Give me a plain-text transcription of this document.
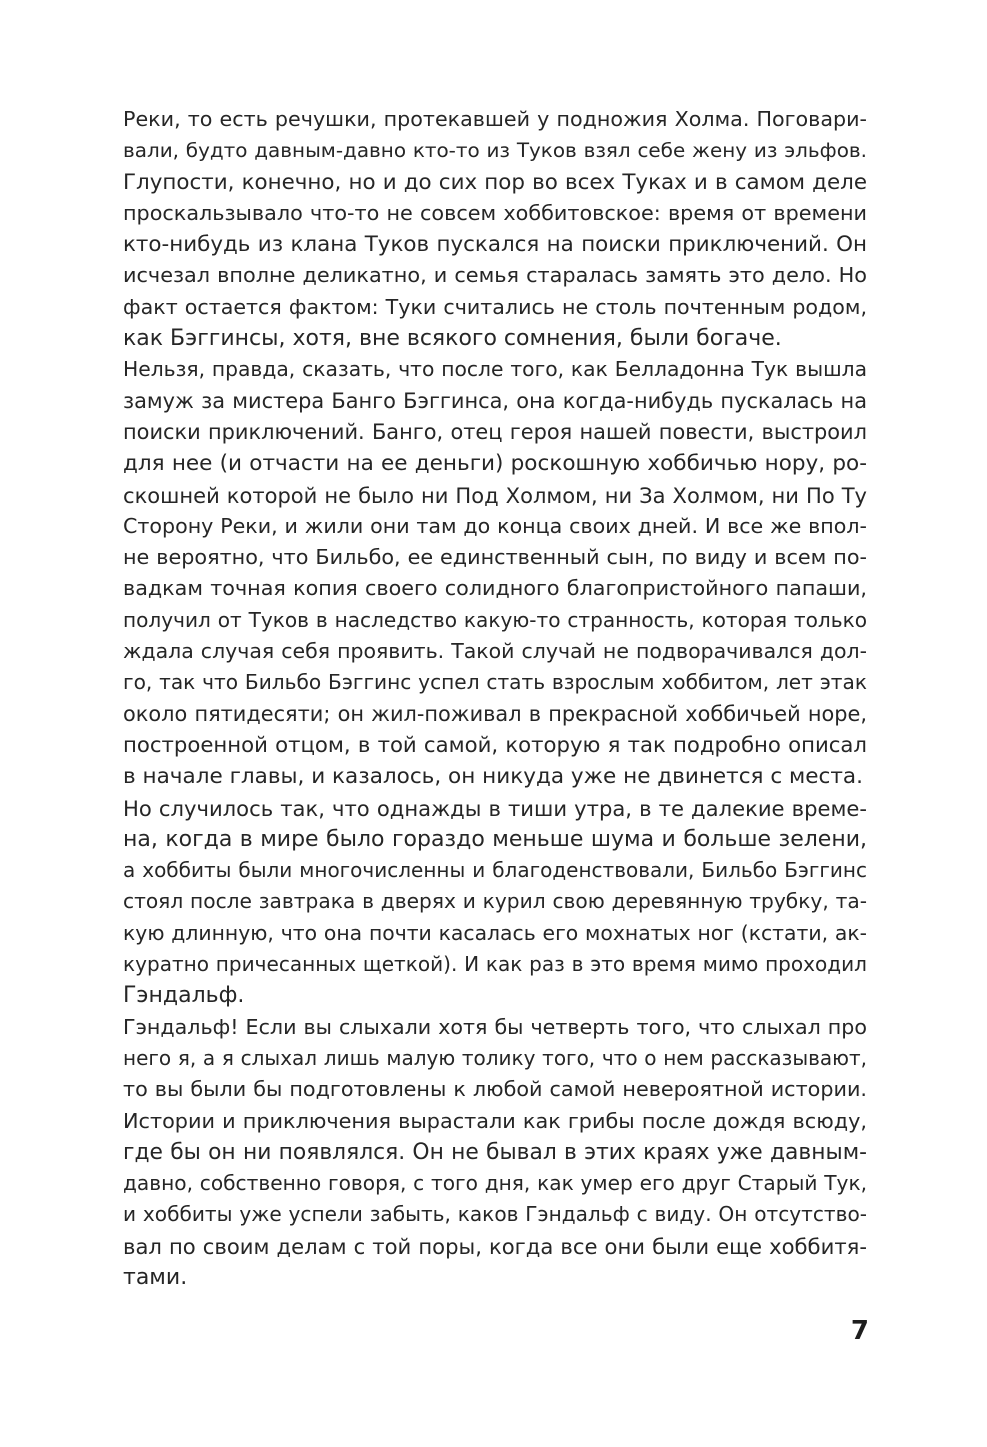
Реки, то есть речушки, протекавшей у подножия Холма. Поговари-
вали, будто давным-давно кто-то из Туков взял себе жену из эльфов.
Глупости, конечно, но и до сих пор во всех Туках и в самом деле
проскальзывало что-то не совсем хоббитовское: время от времени
кто-нибудь из клана Туков пускался на поиски приключений. Он
исчезал вполне деликатно, и семья старалась замять это дело. Но
факт остается фактом: Туки считались не столь почтенным родом,
как Бэггинсы, хотя, вне всякого сомнения, были богаче.
Нельзя, правда, сказать, что после того, как Белладонна Тук вышла
замуж за мистера Банго Бэггинса, она когда-нибудь пускалась на
поиски приключений. Банго, отец героя нашей повести, выстроил
для нее (и отчасти на ее деньги) роскошную хоббичью нору, ро-
скошней которой не было ни Под Холмом, ни За Холмом, ни По Ту
Сторону Реки, и жили они там до конца своих дней. И все же впол-
не вероятно, что Бильбо, ее единственный сын, по виду и всем по-
вадкам точная копия своего солидного благопристойного папаши,
получил от Туков в наследство какую-то странность, которая только
ждала случая себя проявить. Такой случай не подворачивался дол-
го, так что Бильбо Бэггинс успел стать взрослым хоббитом, лет этак
около пятидесяти; он жил-поживал в прекрасной хоббичьей норе,
построенной отцом, в той самой, которую я так подробно описал
в начале главы, и казалось, он никуда уже не двинется с места.
Но случилось так, что однажды в тиши утра, в те далекие време-
на, когда в мире было гораздо меньше шума и больше зелени,
а хоббиты были многочисленны и благоденствовали, Бильбо Бэггинс
стоял после завтрака в дверях и курил свою деревянную трубку, та-
кую длинную, что она почти касалась его мохнатых ног (кстати, ак-
куратно причесанных щеткой). И как раз в это время мимо проходил
Гэндальф.
Гэндальф! Если вы слыхали хотя бы четверть того, что слыхал про
него я, а я слыхал лишь малую толику того, что о нем рассказывают,
то вы были бы подготовлены к любой самой невероятной истории.
Истории и приключения вырастали как грибы после дождя всюду,
где бы он ни появлялся. Он не бывал в этих краях уже давным-
давно, собственно говоря, с того дня, как умер его друг Старый Тук,
и хоббиты уже успели забыть, каков Гэндальф с виду. Он отсутство-
вал по своим делам с той поры, когда все они были еще хоббитя-
тами.
7
